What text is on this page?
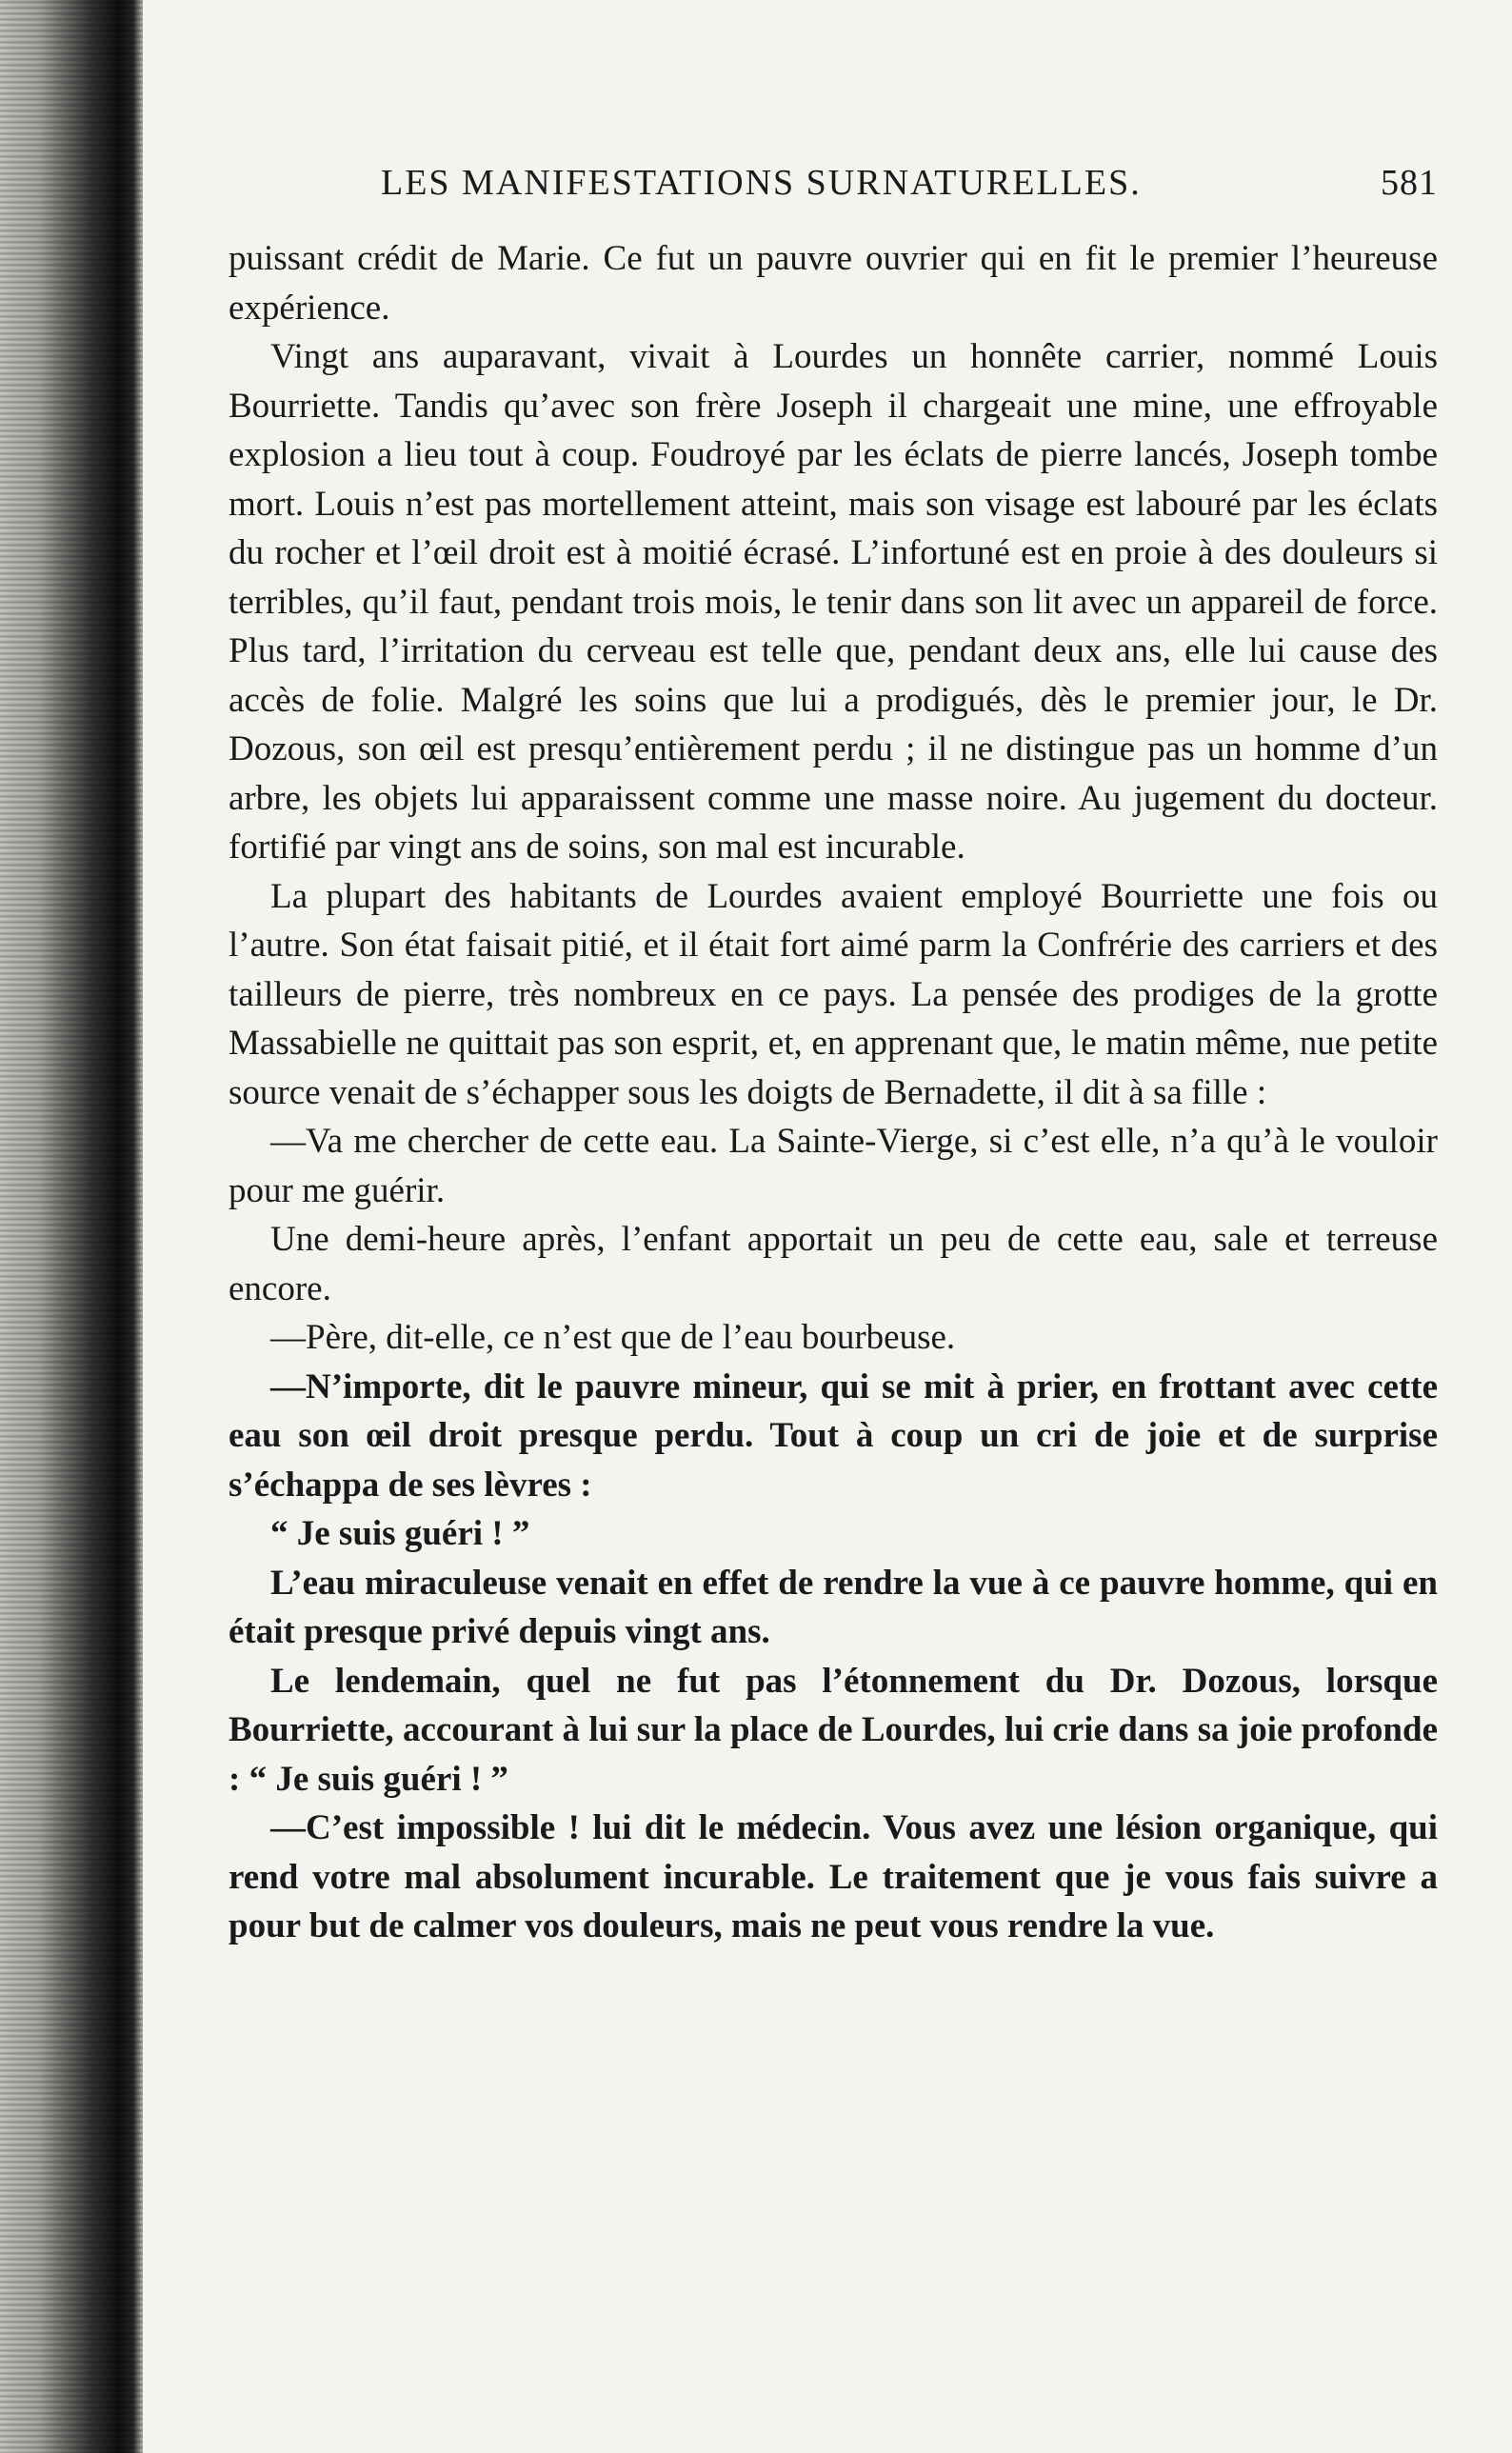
LES MANIFESTATIONS SURNATURELLES.	581

puissant crédit de Marie. Ce fut un pauvre ouvrier qui en fit le premier l’heureuse expérience.

Vingt ans auparavant, vivait à Lourdes un honnête carrier, nommé Louis Bourriette. Tandis qu’avec son frère Joseph il chargeait une mine, une effroyable explosion a lieu tout à coup. Foudroyé par les éclats de pierre lancés, Joseph tombe mort. Louis n’est pas mortellement atteint, mais son visage est labouré par les éclats du rocher et l’œil droit est à moitié écrasé. L’infortuné est en proie à des douleurs si terribles, qu’il faut, pendant trois mois, le tenir dans son lit avec un appareil de force. Plus tard, l’irritation du cerveau est telle que, pendant deux ans, elle lui cause des accès de folie. Malgré les soins que lui a prodigués, dès le premier jour, le Dr. Dozous, son œil est presqu’entièrement perdu ; il ne distingue pas un homme d’un arbre, les objets lui apparaissent comme une masse noire. Au jugement du docteur. fortifié par vingt ans de soins, son mal est incurable.

La plupart des habitants de Lourdes avaient employé Bourriette une fois ou l’autre. Son état faisait pitié, et il était fort aimé parm la Confrérie des carriers et des tailleurs de pierre, très nombreux en ce pays. La pensée des prodiges de la grotte Massabielle ne quittait pas son esprit, et, en apprenant que, le matin même, nue petite source venait de s’échapper sous les doigts de Bernadette, il dit à sa fille :

—Va me chercher de cette eau. La Sainte-Vierge, si c’est elle, n’a qu’à le vouloir pour me guérir.

Une demi-heure après, l’enfant apportait un peu de cette eau, sale et terreuse encore.

—Père, dit-elle, ce n’est que de l’eau bourbeuse.

—N’importe, dit le pauvre mineur, qui se mit à prier, en frottant avec cette eau son œil droit presque perdu. Tout à coup un cri de joie et de surprise s’échappa de ses lèvres :

“ Je suis guéri ! ”

L’eau miraculeuse venait en effet de rendre la vue à ce pauvre homme, qui en était presque privé depuis vingt ans.

Le lendemain, quel ne fut pas l’étonnement du Dr. Dozous, lorsque Bourriette, accourant à lui sur la place de Lourdes, lui crie dans sa joie profonde : “ Je suis guéri ! ”

—C’est impossible ! lui dit le médecin. Vous avez une lésion organique, qui rend votre mal absolument incurable. Le traitement que je vous fais suivre a pour but de calmer vos douleurs, mais ne peut vous rendre la vue.
